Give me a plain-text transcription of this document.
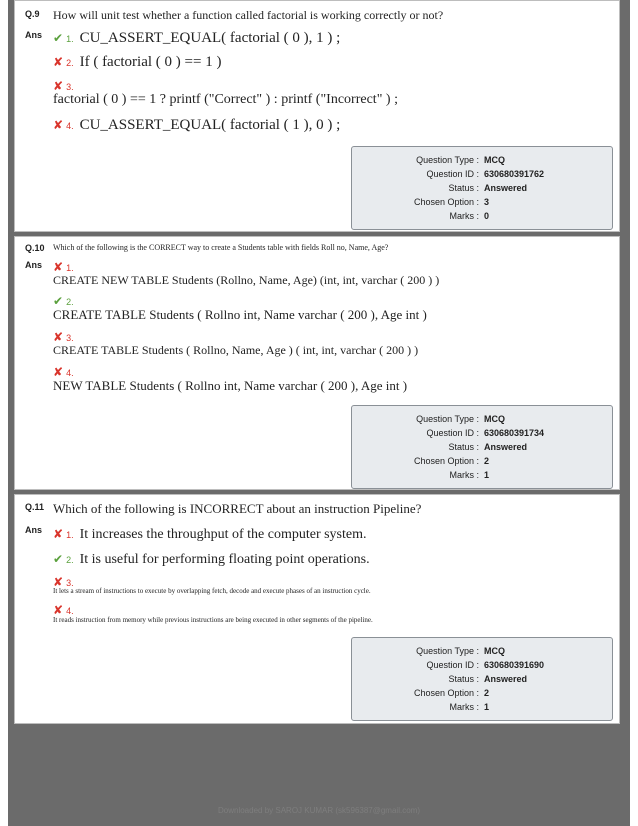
Q.9 How will unit test whether a function called factorial is working correctly or not?
Ans ✔ 1. CU_ASSERT_EQUAL( factorial ( 0 ), 1 ) ;
✘ 2. If ( factorial ( 0 ) == 1 )
✘ 3.
factorial ( 0 ) == 1 ? printf ("Correct" ) : printf ("Incorrect" ) ;
✘ 4. CU_ASSERT_EQUAL( factorial ( 1 ), 0 ) ;
Question Type : MCQ
Question ID : 630680391762
Status : Answered
Chosen Option : 3
Marks : 0
Q.10 Which of the following is the CORRECT way to create a Students table with fields Roll no, Name, Age?
Ans ✘ 1.
CREATE NEW TABLE Students (Rollno, Name, Age) (int, int, varchar ( 200 ) )
✔ 2.
CREATE TABLE Students ( Rollno int, Name varchar ( 200 ), Age int )
✘ 3.
CREATE TABLE Students ( Rollno, Name, Age ) ( int, int, varchar ( 200 ) )
✘ 4.
NEW TABLE Students ( Rollno int, Name varchar ( 200 ), Age int )
Question Type : MCQ
Question ID : 630680391734
Status : Answered
Chosen Option : 2
Marks : 1
Q.11 Which of the following is INCORRECT about an instruction Pipeline?
Ans ✘ 1. It increases the throughput of the computer system.
✔ 2. It is useful for performing floating point operations.
✘ 3.
It lets a stream of instructions to execute by overlapping fetch, decode and execute phases of an instruction cycle.
✘ 4.
It reads instruction from memory while previous instructions are being executed in other segments of the pipeline.
Question Type : MCQ
Question ID : 630680391690
Status : Answered
Chosen Option : 2
Marks : 1
Downloaded by SAROJ KUMAR (sk596387@gmail.com)
